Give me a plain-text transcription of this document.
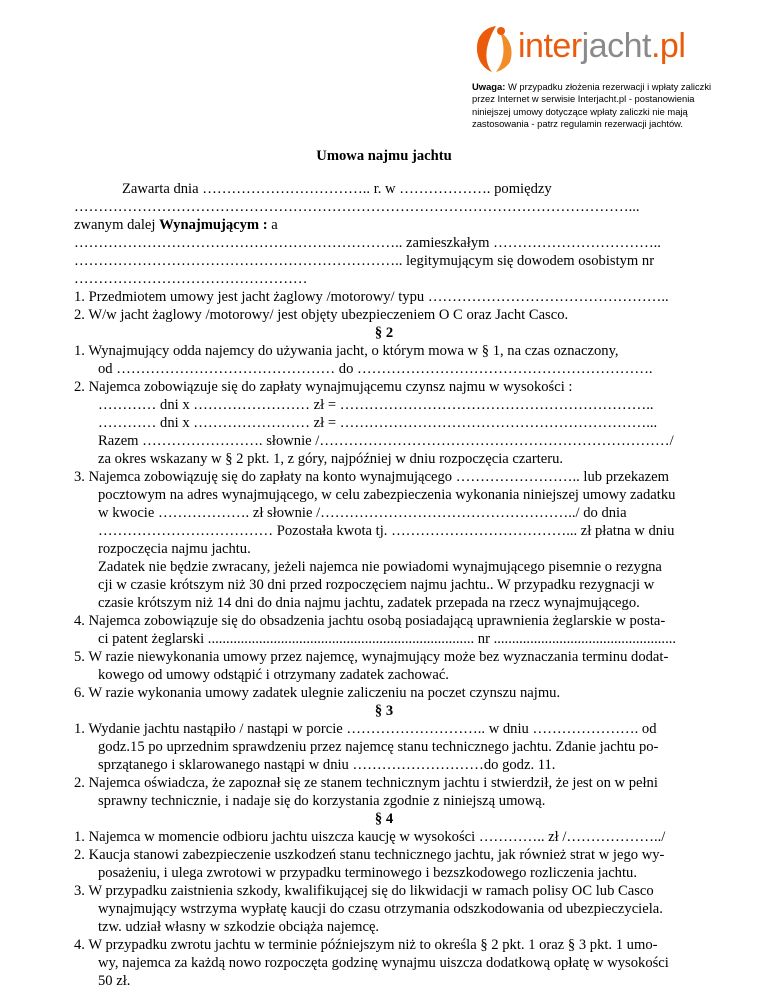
interjacht.pl
Uwaga: W przypadku złożenia rezerwacji i wpłaty zaliczki
przez Internet w serwisie Interjacht.pl - postanowienia
niniejszej umowy dotyczące wpłaty zaliczki nie mają
zastosowania - patrz regulamin rezerwacji jachtów.
Umowa najmu jachtu
Zawarta dnia …………………………….. r. w ………………. pomiędzy
……………………………………………………………………………………………………...
zwanym dalej Wynajmującym : a
………………………………………………………….. zamieszkałym ……………………………..
………………………………………………………….. legitymującym się dowodem osobistym nr
…………………………………………
1. Przedmiotem umowy jest jacht żaglowy /motorowy/ typu …………………………………………..
2. W/w jacht żaglowy /motorowy/ jest objęty ubezpieczeniem O C oraz Jacht Casco.
§ 2
1. Wynajmujący odda najemcy do używania jacht, o którym mowa w § 1, na czas oznaczony,
od ……………………………………… do …………………………………………………….
2. Najemca zobowiązuje się do zapłaty wynajmującemu czynsz najmu w wysokości :
………… dni x …………………… zł = ………………………………………………………..
………… dni x …………………… zł = ………………………………………………………...
Razem ……………………. słownie /………………………………………………………………/
za okres wskazany w § 2 pkt. 1, z góry, najpóźniej w dniu rozpoczęcia czarteru.
3. Najemca zobowiązuję się do zapłaty na konto wynajmującego …………………….. lub przekazem
pocztowym na adres wynajmującego, w celu zabezpieczenia wykonania niniejszej umowy zadatku
w kwocie ………………. zł słownie /……………………………………………../ do dnia
……………………………… Pozostała kwota tj. ………………………………... zł płatna w dniu
rozpoczęcia najmu jachtu.
Zadatek nie będzie zwracany, jeżeli najemca nie powiadomi wynajmującego pisemnie o rezygna
cji w czasie krótszym niż 30 dni przed rozpoczęciem najmu jachtu.. W przypadku rezygnacji w
czasie krótszym niż 14 dni do dnia najmu jachtu, zadatek przepada na rzecz wynajmującego.
4. Najemca zobowiązuje się do obsadzenia jachtu osobą posiadającą uprawnienia żeglarskie w posta-
ci patent żeglarski ......................................................................... nr ..................................................
5. W razie niewykonania umowy przez najemcę, wynajmujący może bez wyznaczania terminu dodat-
kowego od umowy odstąpić i otrzymany zadatek zachować.
6. W razie wykonania umowy zadatek ulegnie zaliczeniu na poczet czynszu najmu.
§ 3
1. Wydanie jachtu nastąpiło / nastąpi w porcie ……………………….. w dniu …………………. od
godz.15 po uprzednim sprawdzeniu przez najemcę stanu technicznego jachtu. Zdanie jachtu po-
sprzątanego i sklarowanego nastąpi w dniu ………………………do godz. 11.
2. Najemca oświadcza, że zapoznał się ze stanem technicznym jachtu i stwierdził, że jest on w pełni
sprawny technicznie, i nadaje się do korzystania zgodnie z niniejszą umową.
§ 4
1. Najemca w momencie odbioru jachtu uiszcza kaucję w wysokości ………….. zł /………………../
2. Kaucja stanowi zabezpieczenie uszkodzeń stanu technicznego jachtu, jak również strat w jego wy-
posażeniu, i ulega zwrotowi w przypadku terminowego i bezszkodowego rozliczenia jachtu.
3. W przypadku zaistnienia szkody, kwalifikującej się do likwidacji w ramach polisy OC lub Casco
wynajmujący wstrzyma wypłatę kaucji do czasu otrzymania odszkodowania od ubezpieczyciela.
tzw. udział własny w szkodzie obciąża najemcę.
4. W przypadku zwrotu jachtu w terminie późniejszym niż to określa § 2 pkt. 1 oraz § 3 pkt. 1 umo-
wy, najemca za każdą nowo rozpoczęta godzinę wynajmu uiszcza dodatkową opłatę w wysokości
50 zł.
